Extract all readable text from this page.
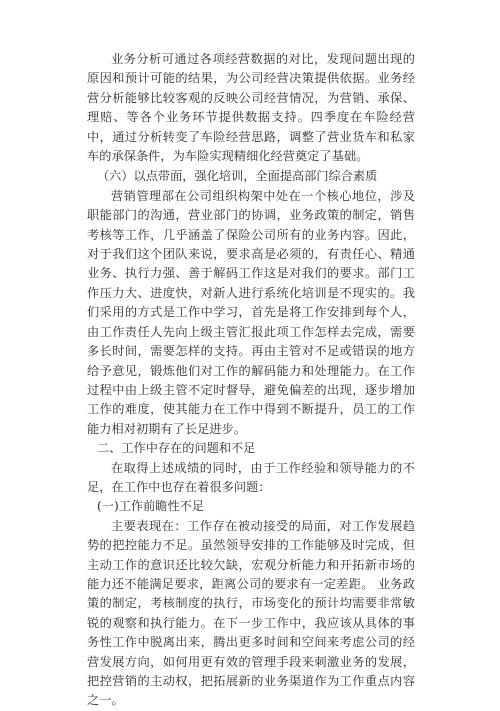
业务分析可通过各项经营数据的对比，发现问题出现的原因和预计可能的结果，为公司经营决策提供依据。业务经营分析能够比较客观的反映公司经营情况，为营销、承保、理赔、等各个业务环节提供数据支持。四季度在车险经营中，通过分析转变了车险经营思路，调整了营业货车和私家车的承保条件，为车险实现精细化经营奠定了基础。

（六）以点带面，强化培训，全面提高部门综合素质

营销管理部在公司组织构架中处在一个核心地位，涉及职能部门的沟通，营业部门的协调，业务政策的制定，销售考核等工作，几乎涵盖了保险公司所有的业务内容。因此，对于我们这个团队来说，要求高是必须的，有责任心、精通业务、执行力强、善于解码工作这是对我们的要求。部门工作压力大、进度快，对新人进行系统化培训是不现实的。我们采用的方式是工作中学习，首先是将工作安排到每个人，由工作责任人先向上级主管汇报此项工作怎样去完成，需要多长时间，需要怎样的支持。再由主管对不足或错误的地方给予意见，锻炼他们对工作的解码能力和处理能力。在工作过程中由上级主管不定时督导，避免偏差的出现，逐步增加工作的难度，使其能力在工作中得到不断提升，员工的工作能力相对初期有了长足进步。

二、工作中存在的问题和不足

在取得上述成绩的同时，由于工作经验和领导能力的不足，在工作中也存在着很多问题：

(一)工作前瞻性不足

主要表现在：工作存在被动接受的局面，对工作发展趋势的把控能力不足。虽然领导安排的工作能够及时完成，但主动工作的意识还比较欠缺，宏观分析能力和开拓新市场的能力还不能满足要求，距离公司的要求有一定差距。 业务政策的制定，考核制度的执行，市场变化的预计均需要非常敏锐的观察和执行能力。在下一步工作中，我应该从具体的事务性工作中脱离出来，腾出更多时间和空间来考虑公司的经营发展方向，如何用更有效的管理手段来刺激业务的发展，把控营销的主动权，把拓展新的业务渠道作为工作重点内容之一。
